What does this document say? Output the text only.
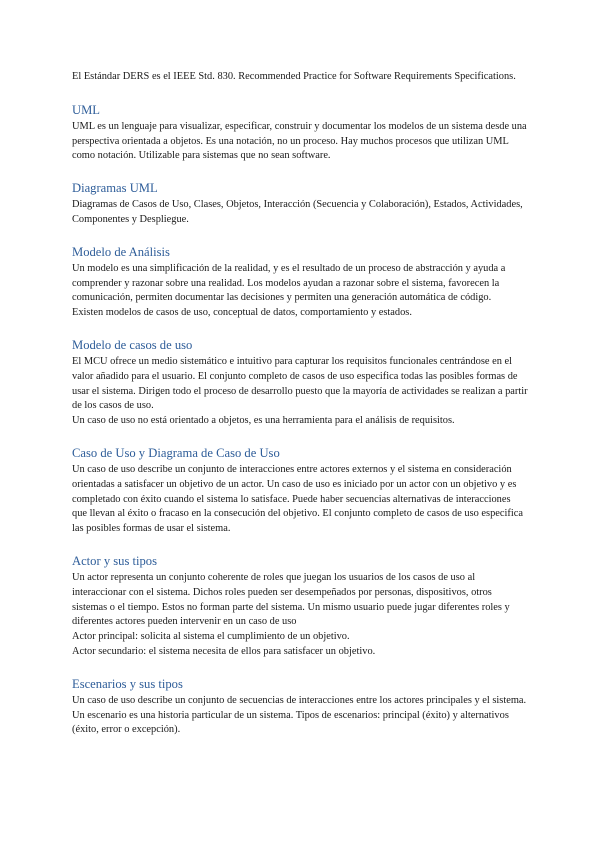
El Estándar DERS es el IEEE Std. 830. Recommended Practice for Software Requirements Specifications.

UML

UML es un lenguaje para visualizar, especificar, construir y documentar los modelos de un sistema desde una perspectiva orientada a objetos. Es una notación, no un proceso. Hay muchos procesos que utilizan UML como notación. Utilizable para sistemas que no sean software.

Diagramas UML

Diagramas de Casos de Uso, Clases, Objetos, Interacción (Secuencia y Colaboración), Estados, Actividades, Componentes y Despliegue.

Modelo de Análisis

Un modelo es una simplificación de la realidad, y es el resultado de un proceso de abstracción y ayuda a comprender y razonar sobre una realidad. Los modelos ayudan a razonar sobre el sistema, favorecen la comunicación, permiten documentar las decisiones y permiten una generación automática de código.

Existen modelos de casos de uso, conceptual de datos, comportamiento y estados.

Modelo de casos de uso

El MCU ofrece un medio sistemático e intuitivo para capturar los requisitos funcionales centrándose en el valor añadido para el usuario. El conjunto completo de casos de uso especifica todas las posibles formas de usar el sistema. Dirigen todo el proceso de desarrollo puesto que la mayoría de actividades se realizan a partir de los casos de uso.

Un caso de uso no está orientado a objetos, es una herramienta para el análisis de requisitos.

Caso de Uso y Diagrama de Caso de Uso

Un caso de uso describe un conjunto de interacciones entre actores externos y el sistema en consideración orientadas a satisfacer un objetivo de un actor. Un caso de uso es iniciado por un actor con un objetivo y es completado con éxito cuando el sistema lo satisface. Puede haber secuencias alternativas de interacciones que llevan al éxito o fracaso en la consecución del objetivo. El conjunto completo de casos de uso especifica las posibles formas de usar el sistema.

Actor y sus tipos

Un actor representa un conjunto coherente de roles que juegan los usuarios de los casos de uso al interaccionar con el sistema. Dichos roles pueden ser desempeñados por personas, dispositivos, otros sistemas o el tiempo. Estos no forman parte del sistema. Un mismo usuario puede jugar diferentes roles y diferentes actores pueden intervenir en un caso de uso

Actor principal: solicita al sistema el cumplimiento de un objetivo.

Actor secundario: el sistema necesita de ellos para satisfacer un objetivo.

Escenarios y sus tipos

Un caso de uso describe un conjunto de secuencias de interacciones entre los actores principales y el sistema. Un escenario es una historia particular de un sistema. Tipos de escenarios: principal (éxito) y alternativos (éxito, error o excepción).
